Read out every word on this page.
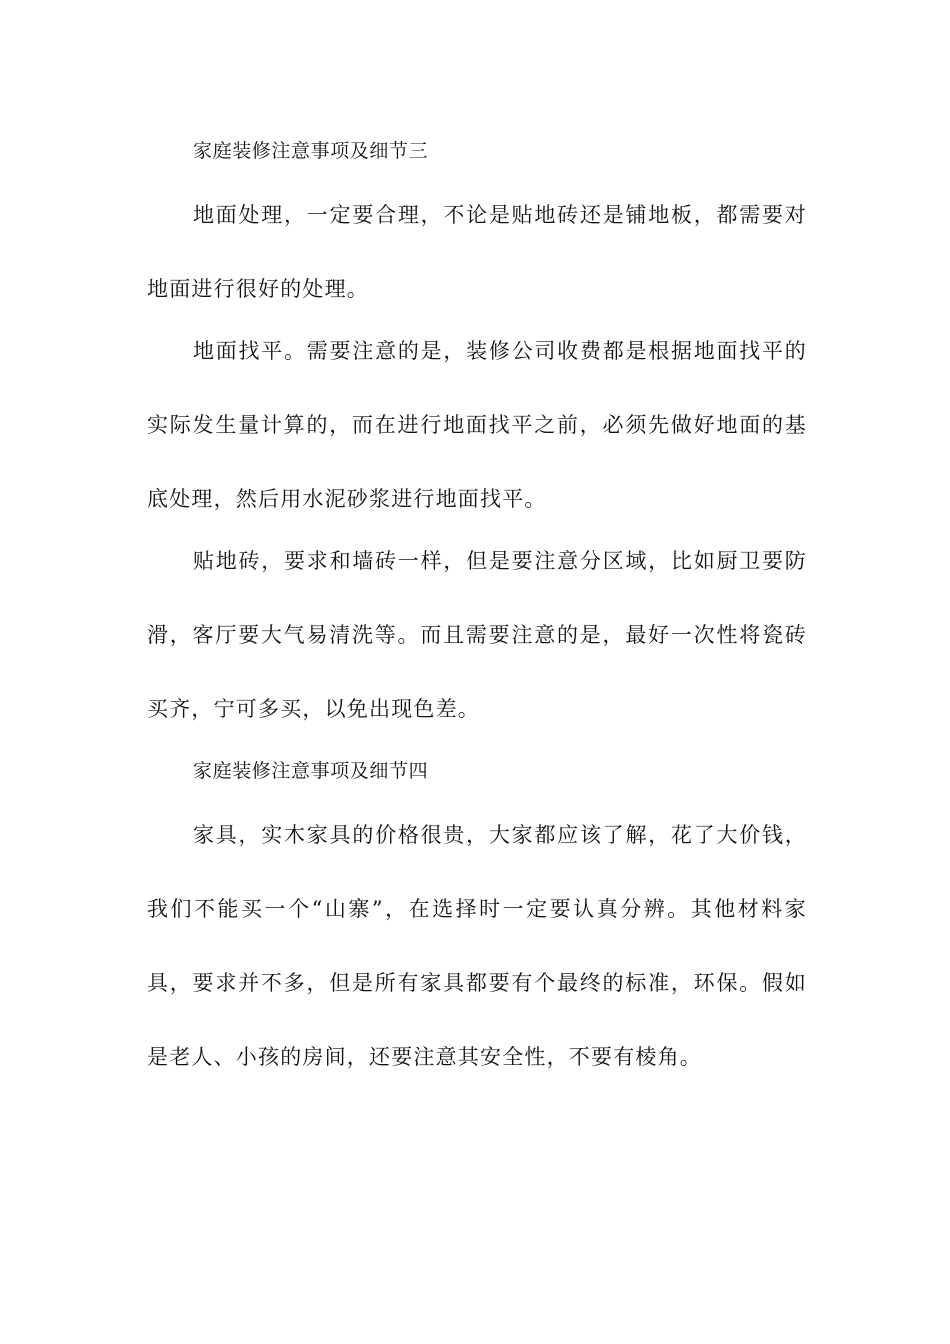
家庭装修注意事项及细节三
地面处理，一定要合理，不论是贴地砖还是铺地板，都需要对
地面进行很好的处理。
地面找平。需要注意的是，装修公司收费都是根据地面找平的
实际发生量计算的，而在进行地面找平之前，必须先做好地面的基
底处理，然后用水泥砂浆进行地面找平。
贴地砖，要求和墙砖一样，但是要注意分区域，比如厨卫要防
滑，客厅要大气易清洗等。而且需要注意的是，最好一次性将瓷砖
买齐，宁可多买，以免出现色差。
家庭装修注意事项及细节四
家具，实木家具的价格很贵，大家都应该了解，花了大价钱，
我们不能买一个“山寨”，在选择时一定要认真分辨。其他材料家
具，要求并不多，但是所有家具都要有个最终的标准，环保。假如
是老人、小孩的房间，还要注意其安全性，不要有棱角。
